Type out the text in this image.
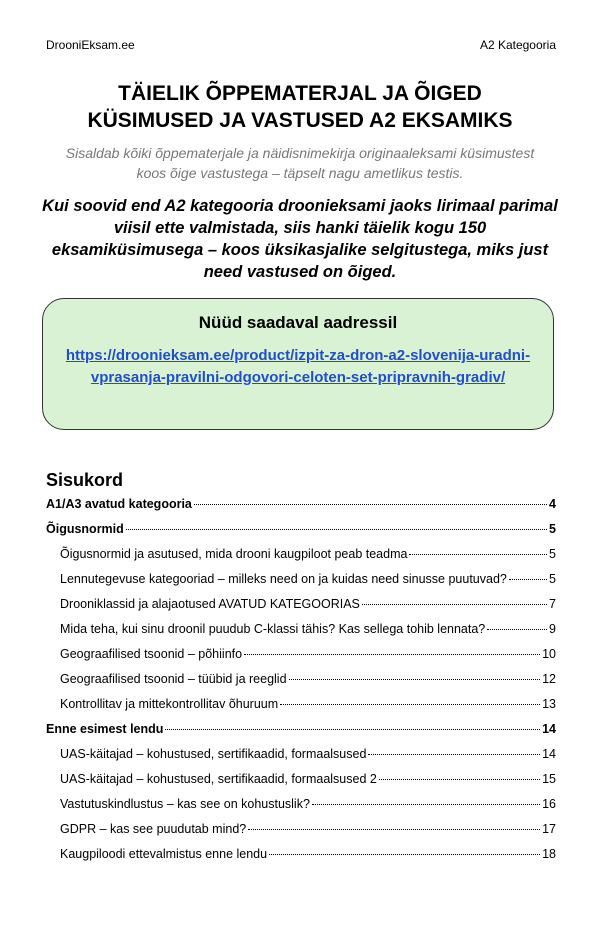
DrooniEksam.ee	A2 Kategooria
TÄIELIK ÕPPEMATERJAL JA ÕIGED
KÜSIMUSED JA VASTUSED A2 EKSAMIKS
Sisaldab kõiki õppematerjale ja näidisnimekirja originaaleksami küsimustest koos õige vastustega – täpselt nagu ametlikus testis.
Kui soovid end A2 kategooria droonieksami jaoks lirimaal parimal viisil ette valmistada, siis hanki täielik kogu 150 eksamiküsimusega – koos üksikasjalike selgitustega, miks just need vastused on õiged.
Nüüd saadaval aadressil
https://droonieksam.ee/product/izpit-za-dron-a2-slovenija-uradni-vprasanja-pravilni-odgovori-celoten-set-pripravnih-gradiv/
Sisukord
A1/A3 avatud kategooria	4
Õigusnormid	5
Õigusnormid ja asutused, mida drooni kaugpiloot peab teadma	5
Lennutegevuse kategooriad – milleks need on ja kuidas need sinusse puutuvad?	5
Drooniklassid ja alajaotused AVATUD KATEGOORIAS	7
Mida teha, kui sinu droonil puudub C-klassi tähis? Kas sellega tohib lennata?	9
Geograafilised tsoonid – põhiinfo	10
Geograafilised tsoonid – tüübid ja reeglid	12
Kontrollitav ja mittekontrollitav õhuruum	13
Enne esimest lendu	14
UAS-käitajad – kohustused, sertifikaadid, formaalsused	14
UAS-käitajad – kohustused, sertifikaadid, formaalsused 2	15
Vastutuskindlustus – kas see on kohustuslik?	16
GDPR – kas see puudutab mind?	17
Kaugpiloodi ettevalmistus enne lendu	18
